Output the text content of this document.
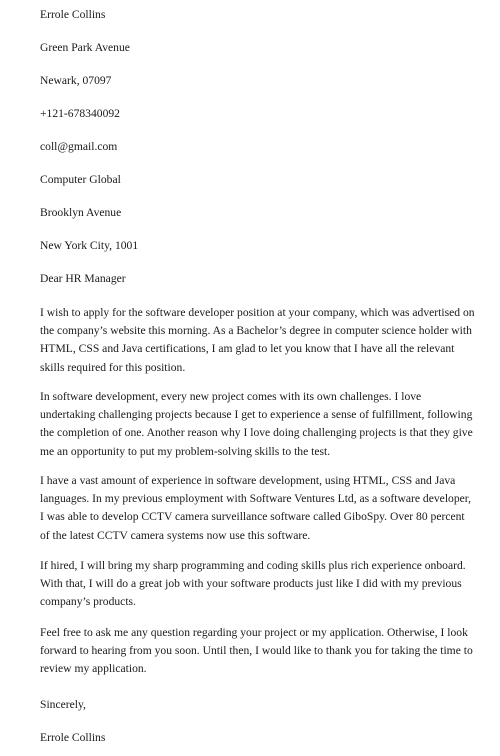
Errole Collins
Green Park Avenue
Newark, 07097
+121-678340092
coll@gmail.com
Computer Global
Brooklyn Avenue
New York City, 1001
Dear HR Manager
I wish to apply for the software developer position at your company, which was advertised on
the company’s website this morning. As a Bachelor’s degree in computer science holder with
HTML, CSS and Java certifications, I am glad to let you know that I have all the relevant
skills required for this position.
In software development, every new project comes with its own challenges. I love
undertaking challenging projects because I get to experience a sense of fulfillment, following
the completion of one. Another reason why I love doing challenging projects is that they give
me an opportunity to put my problem-solving skills to the test.
I have a vast amount of experience in software development, using HTML, CSS and Java
languages. In my previous employment with Software Ventures Ltd, as a software developer,
I was able to develop CCTV camera surveillance software called GiboSpy. Over 80 percent
of the latest CCTV camera systems now use this software.
If hired, I will bring my sharp programming and coding skills plus rich experience onboard.
With that, I will do a great job with your software products just like I did with my previous
company’s products.
Feel free to ask me any question regarding your project or my application. Otherwise, I look
forward to hearing from you soon. Until then, I would like to thank you for taking the time to
review my application.
Sincerely,
Errole Collins
